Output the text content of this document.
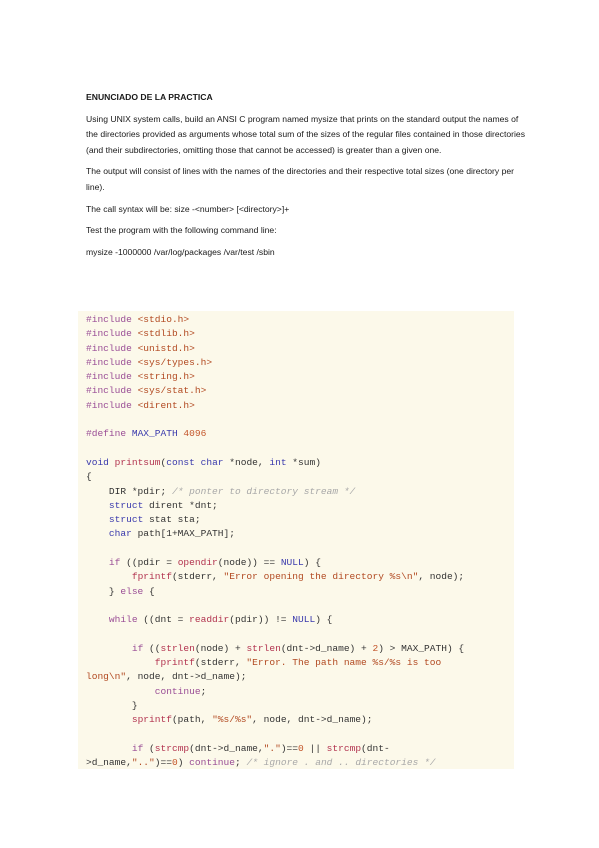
ENUNCIADO DE LA PRACTICA

Using UNIX system calls, build an ANSI C program named mysize that prints on the standard output the names of the directories provided as arguments whose total sum of the sizes of the regular files contained in those directories (and their subdirectories, omitting those that cannot be accessed) is greater than a given one.

The output will consist of lines with the names of the directories and their respective total sizes (one directory per line).

The call syntax will be: size -<number> [<directory>]+

Test the program with the following command line:

mysize -1000000 /var/log/packages /var/test /sbin

#include <stdio.h>
#include <stdlib.h>
#include <unistd.h>
#include <sys/types.h>
#include <string.h>
#include <sys/stat.h>
#include <dirent.h>

#define MAX_PATH 4096

void printsum(const char *node, int *sum)
{
DIR *pdir; /* ponter to directory stream */
struct dirent *dnt;
struct stat sta;
char path[1+MAX_PATH];

if ((pdir = opendir(node)) == NULL) {
fprintf(stderr, "Error opening the directory %s\n", node);
} else {

while ((dnt = readdir(pdir)) != NULL) {

if ((strlen(node) + strlen(dnt->d_name) + 2) > MAX_PATH) {
fprintf(stderr, "Error. The path name %s/%s is too
long\n", node, dnt->d_name);
continue;
}
sprintf(path, "%s/%s", node, dnt->d_name);

if (strcmp(dnt->d_name,".")==0 || strcmp(dnt-
>d_name,"..")==0) continue; /* ignore . and .. directories */
